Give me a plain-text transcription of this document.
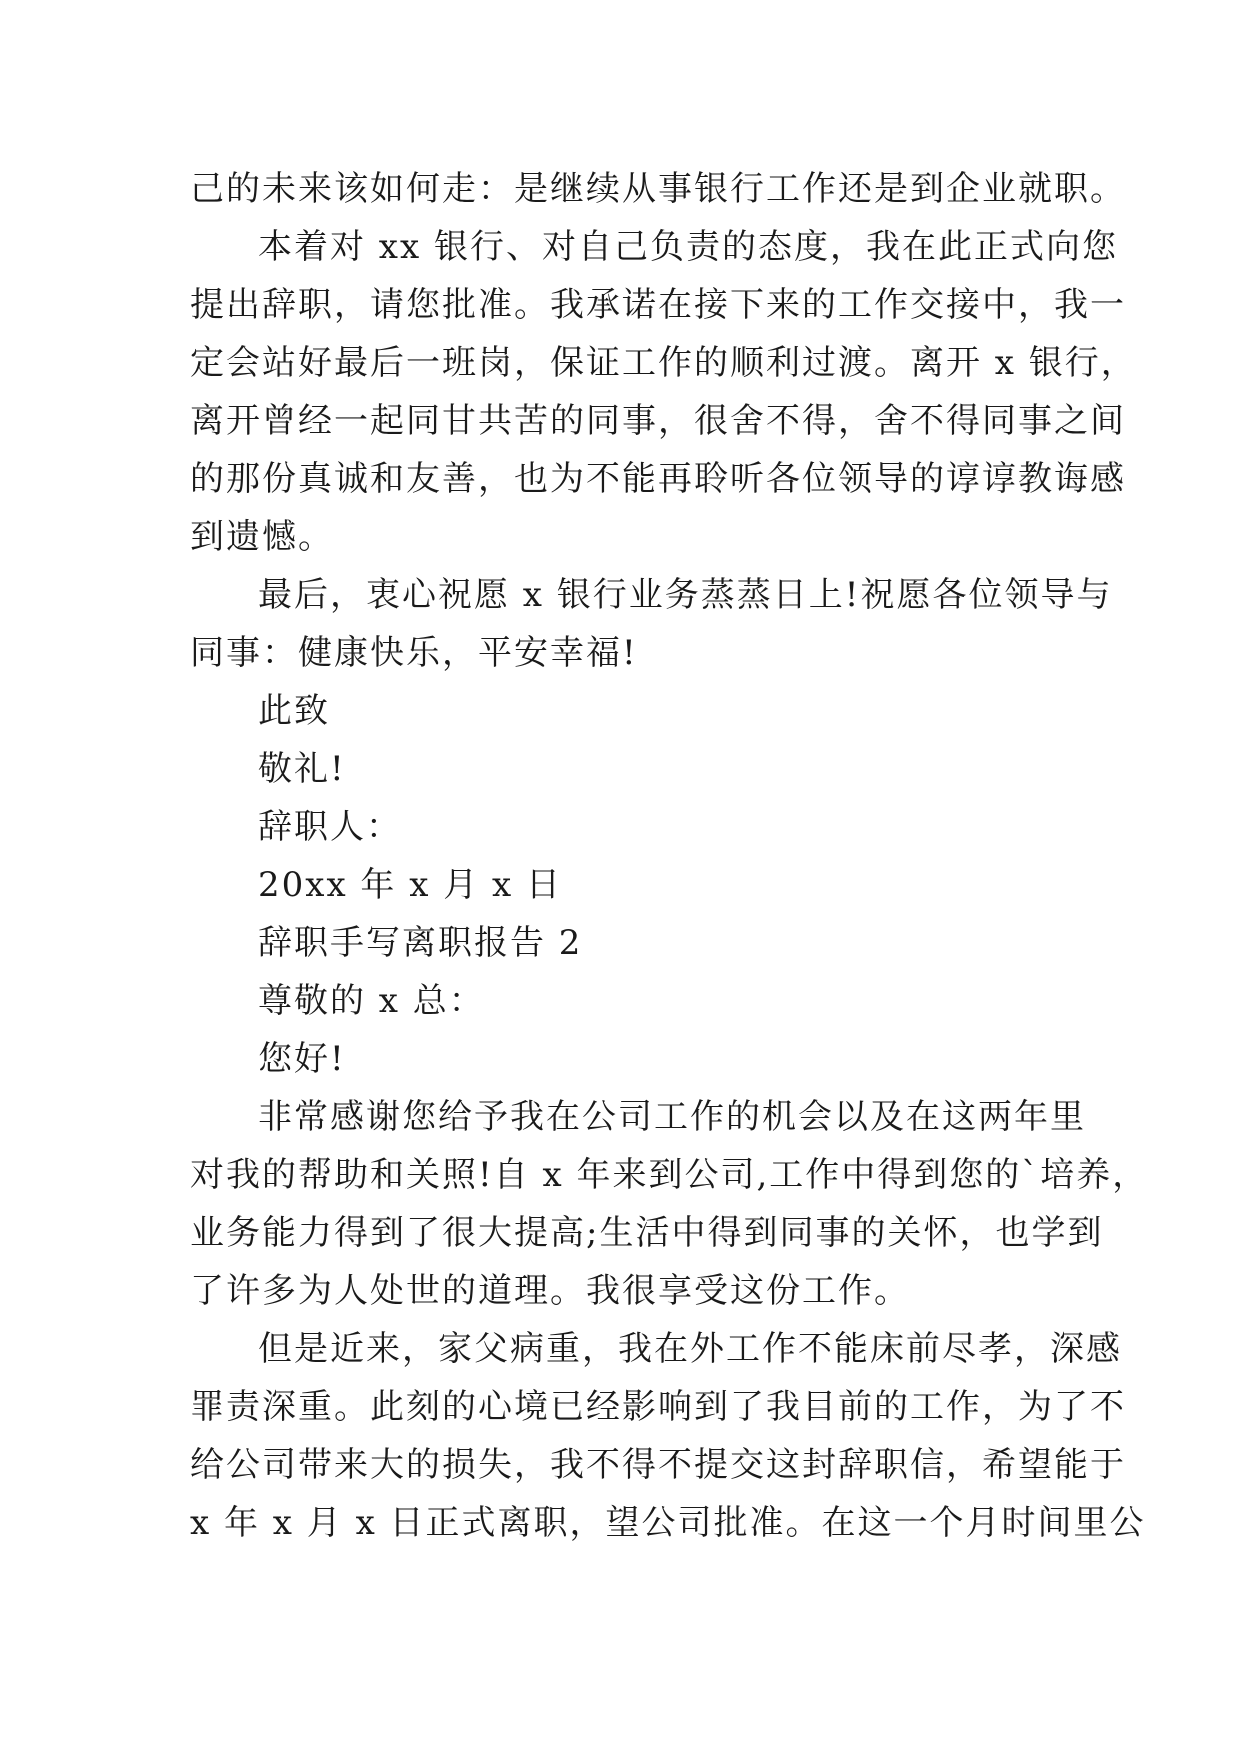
己的未来该如何走：是继续从事银行工作还是到企业就职。
本着对 xx 银行、对自己负责的态度，我在此正式向您
提出辞职，请您批准。我承诺在接下来的工作交接中，我一
定会站好最后一班岗，保证工作的顺利过渡。离开 x 银行，
离开曾经一起同甘共苦的同事，很舍不得，舍不得同事之间
的那份真诚和友善，也为不能再聆听各位领导的谆谆教诲感
到遗憾。
最后，衷心祝愿 x 银行业务蒸蒸日上!祝愿各位领导与
同事：健康快乐，平安幸福!
此致
敬礼!
辞职人：
20xx 年 x 月 x 日
辞职手写离职报告 2
尊敬的 x 总：
您好!
非常感谢您给予我在公司工作的机会以及在这两年里
对我的帮助和关照!自 x 年来到公司,工作中得到您的`培养，
业务能力得到了很大提高;生活中得到同事的关怀，也学到
了许多为人处世的道理。我很享受这份工作。
但是近来，家父病重，我在外工作不能床前尽孝，深感
罪责深重。此刻的心境已经影响到了我目前的工作，为了不
给公司带来大的损失，我不得不提交这封辞职信，希望能于
x 年 x 月 x 日正式离职，望公司批准。在这一个月时间里公
